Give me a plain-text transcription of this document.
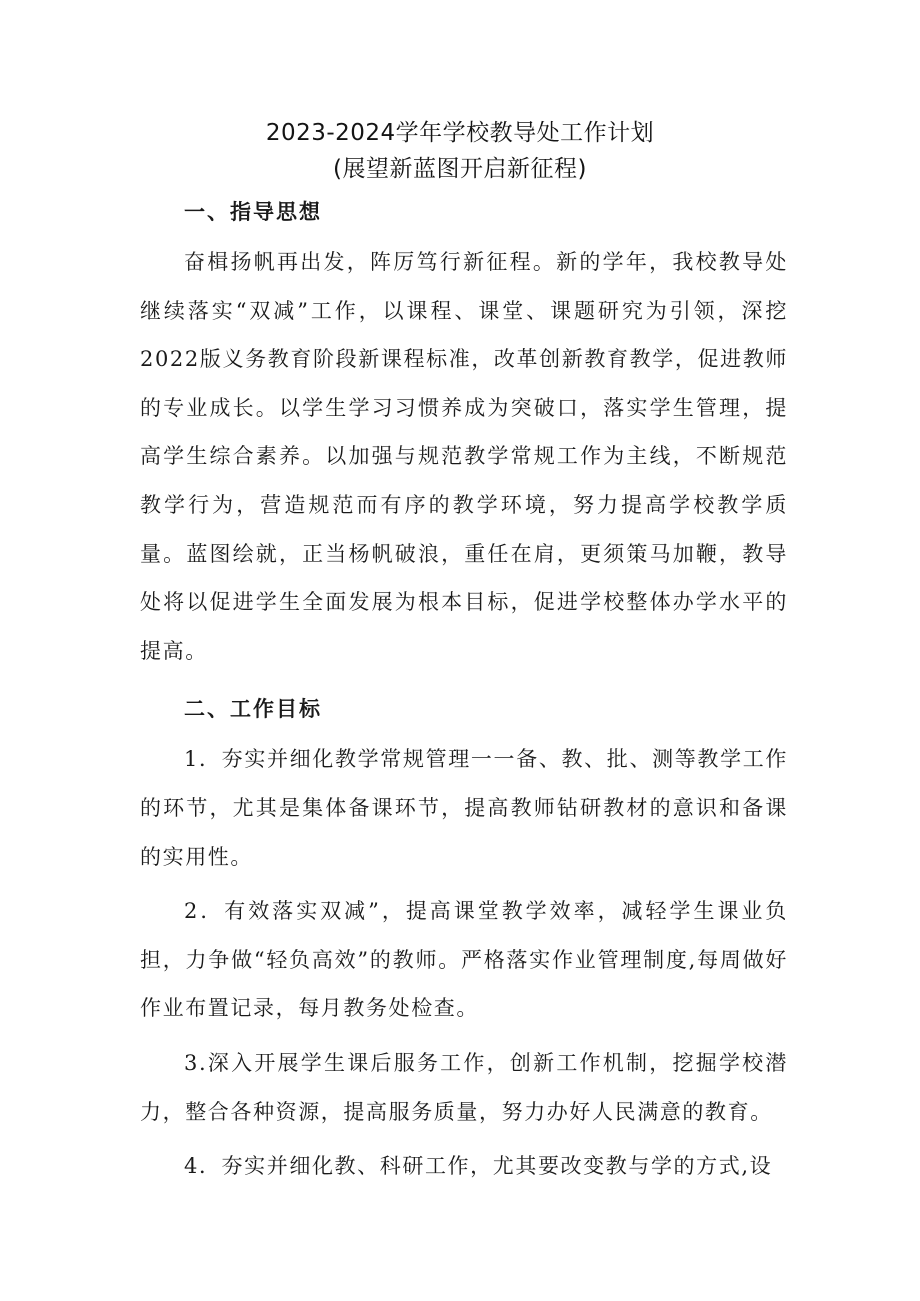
2023-2024学年学校教导处工作计划
(展望新蓝图开启新征程)
一、指导思想

奋楫扬帆再出发，阵厉笃行新征程。新的学年，我校教导处继续落实“双减”工作，以课程、课堂、课题研究为引领，深挖2022版义务教育阶段新课程标准，改革创新教育教学，促进教师的专业成长。以学生学习习惯养成为突破口，落实学生管理，提高学生综合素养。以加强与规范教学常规工作为主线，不断规范教学行为，营造规范而有序的教学环境，努力提高学校教学质量。蓝图绘就，正当杨帆破浪，重任在肩，更须策马加鞭，教导处将以促进学生全面发展为根本目标，促进学校整体办学水平的提高。

二、工作目标

1．夯实并细化教学常规管理一一备、教、批、测等教学工作的环节，尤其是集体备课环节，提高教师钻研教材的意识和备课的实用性。

2．有效落实双减”，提高课堂教学效率，减轻学生课业负担，力争做“轻负高效”的教师。严格落实作业管理制度,每周做好作业布置记录，每月教务处检查。

3.深入开展学生课后服务工作，创新工作机制，挖掘学校潜力，整合各种资源，提高服务质量，努力办好人民满意的教育。

4．夯实并细化教、科研工作，尤其要改变教与学的方式,设
